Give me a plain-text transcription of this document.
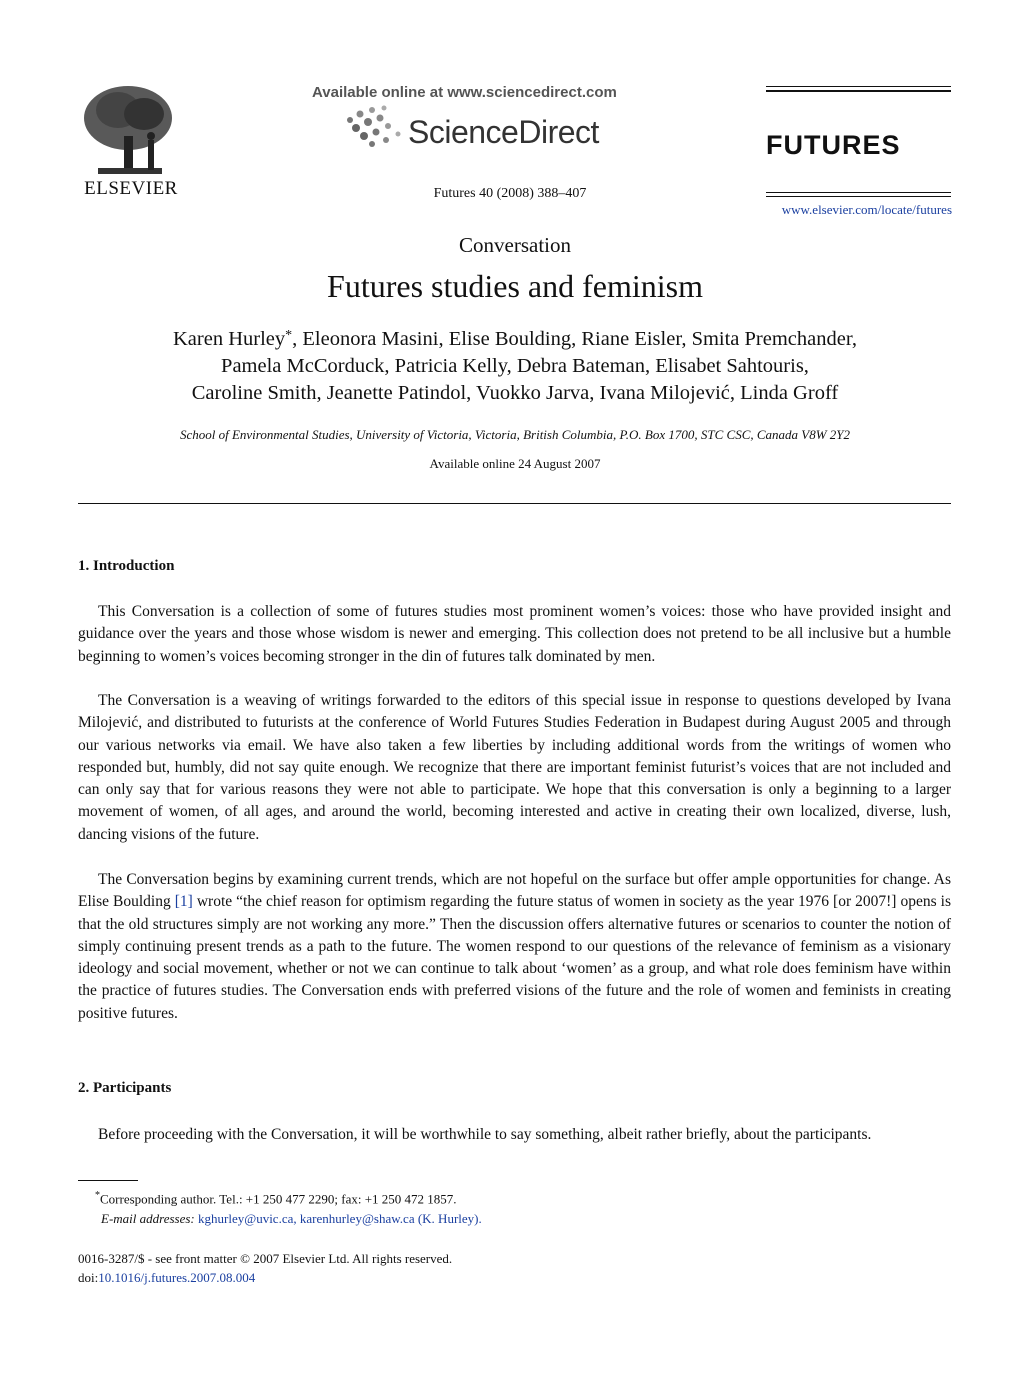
ELSEVIER
Available online at www.sciencedirect.com
ScienceDirect
Futures 40 (2008) 388–407
FUTURES
www.elsevier.com/locate/futures
Conversation
Futures studies and feminism
Karen Hurley*, Eleonora Masini, Elise Boulding, Riane Eisler, Smita Premchander,
Pamela McCorduck, Patricia Kelly, Debra Bateman, Elisabet Sahtouris,
Caroline Smith, Jeanette Patindol, Vuokko Jarva, Ivana Milojević, Linda Groff
School of Environmental Studies, University of Victoria, Victoria, British Columbia, P.O. Box 1700, STC CSC, Canada V8W 2Y2
Available online 24 August 2007
1. Introduction

This Conversation is a collection of some of futures studies most prominent women’s voices: those who have provided insight and guidance over the years and those whose wisdom is newer and emerging. This collection does not pretend to be all inclusive but a humble beginning to women’s voices becoming stronger in the din of futures talk dominated by men.

The Conversation is a weaving of writings forwarded to the editors of this special issue in response to questions developed by Ivana Milojević, and distributed to futurists at the conference of World Futures Studies Federation in Budapest during August 2005 and through our various networks via email. We have also taken a few liberties by including additional words from the writings of women who responded but, humbly, did not say quite enough. We recognize that there are important feminist futurist’s voices that are not included and can only say that for various reasons they were not able to participate. We hope that this conversation is only a beginning to a larger movement of women, of all ages, and around the world, becoming interested and active in creating their own localized, diverse, lush, dancing visions of the future.

The Conversation begins by examining current trends, which are not hopeful on the surface but offer ample opportunities for change. As Elise Boulding [1] wrote “the chief reason for optimism regarding the future status of women in society as the year 1976 [or 2007!] opens is that the old structures simply are not working any more.” Then the discussion offers alternative futures or scenarios to counter the notion of simply continuing present trends as a path to the future. The women respond to our questions of the relevance of feminism as a visionary ideology and social movement, whether or not we can continue to talk about ‘women’ as a group, and what role does feminism have within the practice of futures studies. The Conversation ends with preferred visions of the future and the role of women and feminists in creating positive futures.

2. Participants

Before proceeding with the Conversation, it will be worthwhile to say something, albeit rather briefly, about the participants.

*Corresponding author. Tel.: +1 250 477 2290; fax: +1 250 472 1857.
E-mail addresses: kghurley@uvic.ca, karenhurley@shaw.ca (K. Hurley).
0016-3287/$ - see front matter © 2007 Elsevier Ltd. All rights reserved.
doi:10.1016/j.futures.2007.08.004
